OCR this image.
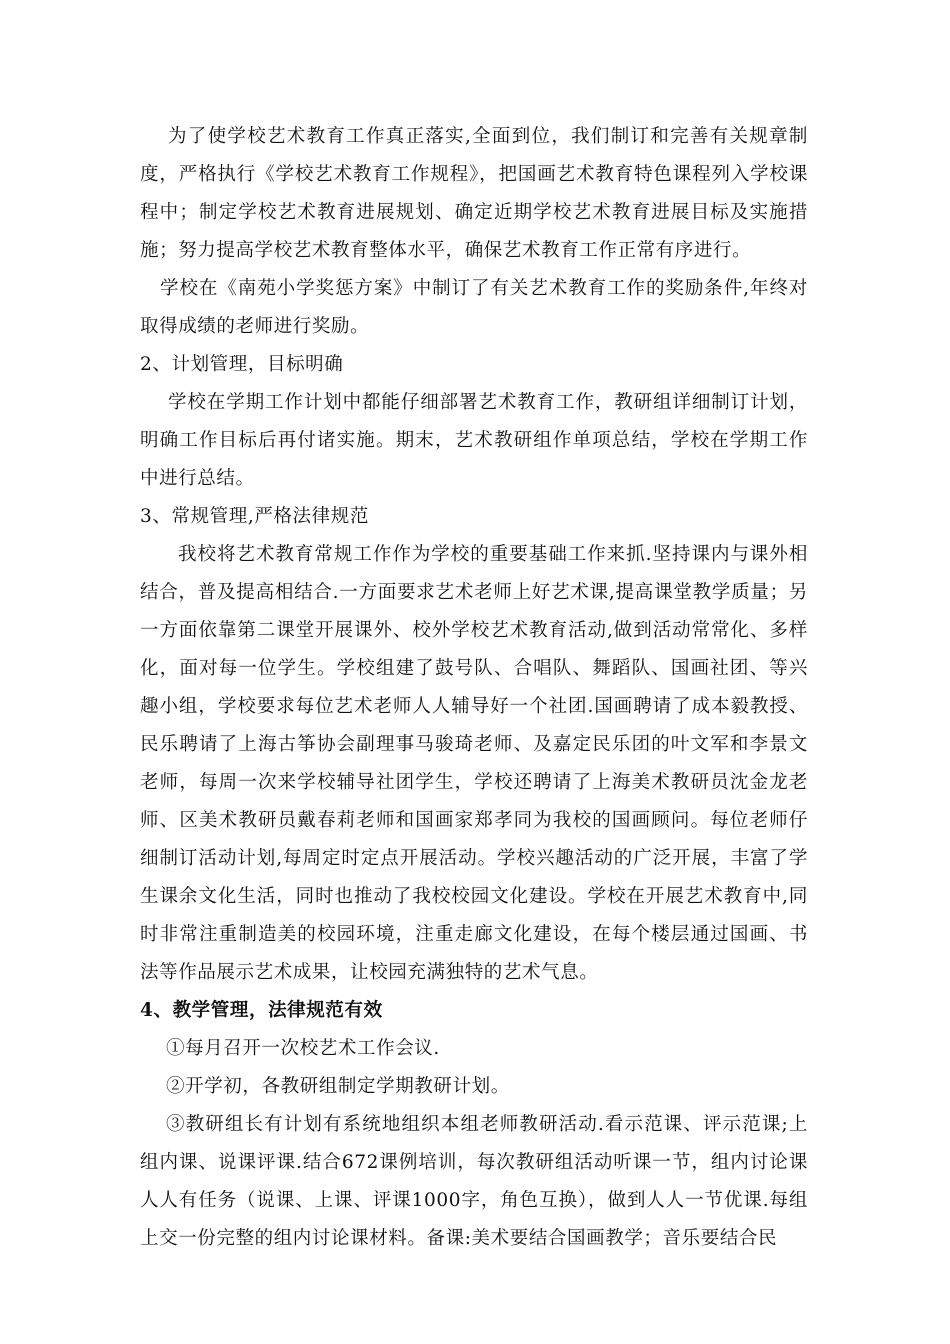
为了使学校艺术教育工作真正落实,全面到位，我们制订和完善有关规章制度，严格执行《学校艺术教育工作规程》，把国画艺术教育特色课程列入学校课程中；制定学校艺术教育进展规划、确定近期学校艺术教育进展目标及实施措施；努力提高学校艺术教育整体水平，确保艺术教育工作正常有序进行。

学校在《南苑小学奖惩方案》中制订了有关艺术教育工作的奖励条件,年终对取得成绩的老师进行奖励。

2、计划管理，目标明确

学校在学期工作计划中都能仔细部署艺术教育工作，教研组详细制订计划，明确工作目标后再付诸实施。期末，艺术教研组作单项总结，学校在学期工作中进行总结。

3、常规管理,严格法律规范

我校将艺术教育常规工作作为学校的重要基础工作来抓.坚持课内与课外相结合，普及提高相结合.一方面要求艺术老师上好艺术课,提高课堂教学质量；另一方面依靠第二课堂开展课外、校外学校艺术教育活动,做到活动常常化、多样化，面对每一位学生。学校组建了鼓号队、合唱队、舞蹈队、国画社团、等兴趣小组，学校要求每位艺术老师人人辅导好一个社团.国画聘请了成本毅教授、民乐聘请了上海古筝协会副理事马骏琦老师、及嘉定民乐团的叶文军和李景文老师，每周一次来学校辅导社团学生，学校还聘请了上海美术教研员沈金龙老师、区美术教研员戴春莉老师和国画家郑孝同为我校的国画顾问。每位老师仔细制订活动计划,每周定时定点开展活动。学校兴趣活动的广泛开展，丰富了学生课余文化生活，同时也推动了我校校园文化建设。学校在开展艺术教育中,同时非常注重制造美的校园环境，注重走廊文化建设，在每个楼层通过国画、书法等作品展示艺术成果，让校园充满独特的艺术气息。

4、教学管理，法律规范有效

①每月召开一次校艺术工作会议.

②开学初，各教研组制定学期教研计划。

③教研组长有计划有系统地组织本组老师教研活动.看示范课、评示范课;上组内课、说课评课.结合672课例培训，每次教研组活动听课一节，组内讨论课人人有任务（说课、上课、评课1000字，角色互换），做到人人一节优课.每组上交一份完整的组内讨论课材料。备课:美术要结合国画教学；音乐要结合民
